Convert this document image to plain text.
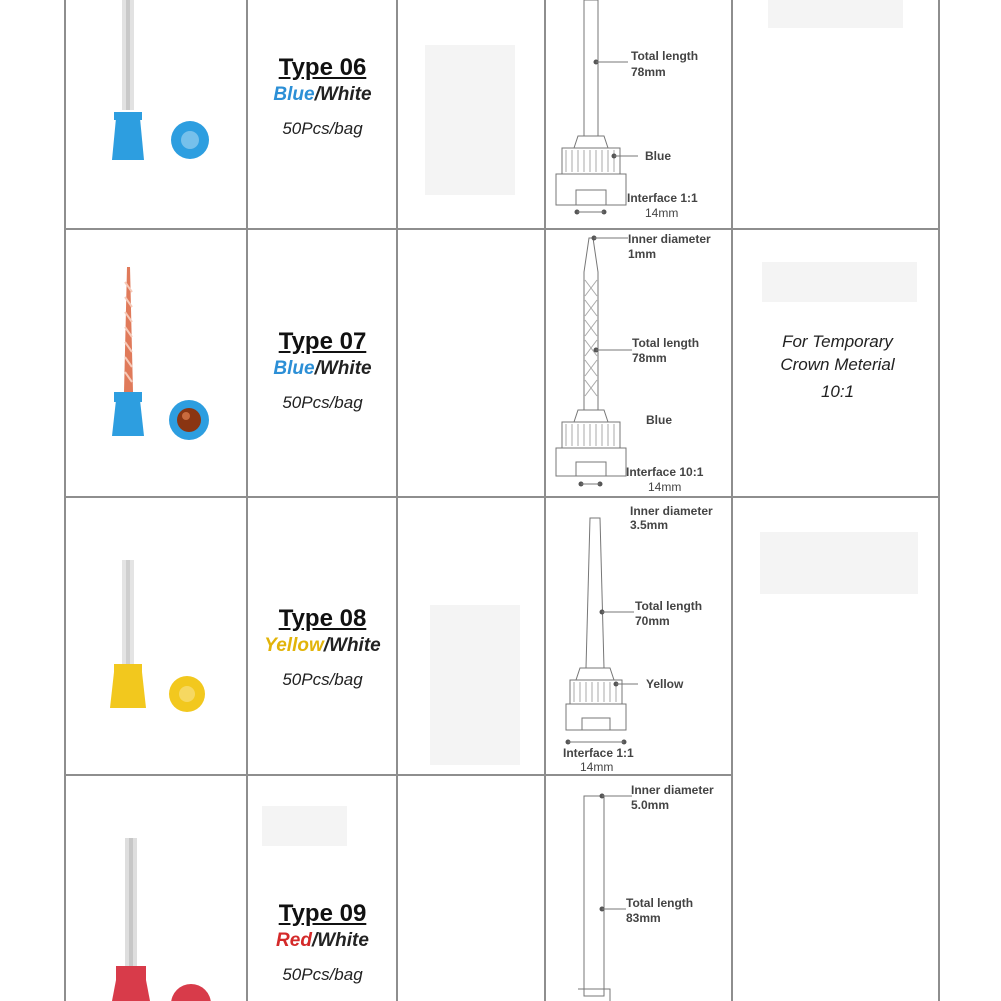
Type 06
Blue/White
50Pcs/bag
Total length
78mm
Blue
Interface 1:1
14mm
Type 07
Blue/White
50Pcs/bag
For Temporary
Crown Meterial
10:1
Inner diameter
1mm
Total length
78mm
Blue
Interface 10:1
14mm
Type 08
Yellow/White
50Pcs/bag
Inner diameter
3.5mm
Total length
70mm
Yellow
Interface 1:1
14mm
Type 09
Red/White
50Pcs/bag
Inner diameter
5.0mm
Total length
83mm
